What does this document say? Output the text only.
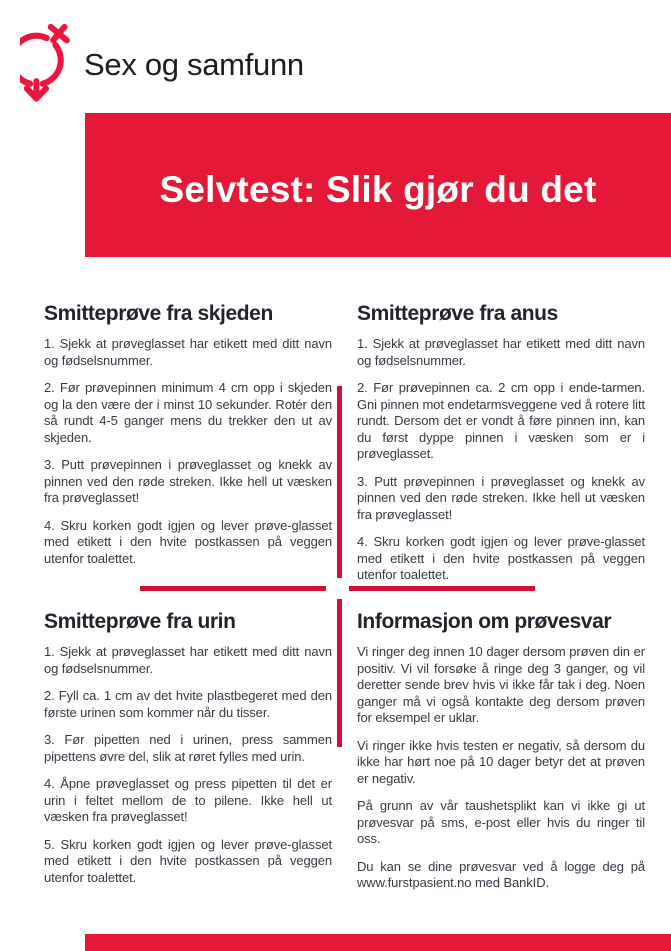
Sex og samfunn
Selvtest: Slik gjør du det
Smitteprøve fra skjeden

1. Sjekk at prøveglasset har etikett med ditt navn og fødselsnummer.

2. Før prøvepinnen minimum 4 cm opp i skjeden og la den være der i minst 10 sekunder. Rotér den så rundt 4-5 ganger mens du trekker den ut av skjeden.

3. Putt prøvepinnen i prøveglasset og knekk av pinnen ved den røde streken. Ikke hell ut væsken fra prøveglasset!

4. Skru korken godt igjen og lever prøve-glasset med etikett i den hvite postkassen på veggen utenfor toalettet.

Smitteprøve fra anus

1. Sjekk at prøveglasset har etikett med ditt navn og fødselsnummer.

2. Før prøvepinnen ca. 2 cm opp i ende-tarmen. Gni pinnen mot endetarmsveggene ved å rotere litt rundt. Dersom det er vondt å føre pinnen inn, kan du først dyppe pinnen i væsken som er i prøveglasset.

3. Putt prøvepinnen i prøveglasset og knekk av pinnen ved den røde streken. Ikke hell ut væsken fra prøveglasset!

4. Skru korken godt igjen og lever prøve-glasset med etikett i den hvite postkassen på veggen utenfor toalettet.

Smitteprøve fra urin

1. Sjekk at prøveglasset har etikett med ditt navn og fødselsnummer.

2. Fyll ca. 1 cm av det hvite plastbegeret med den første urinen som kommer når du tisser.

3. Før pipetten ned i urinen, press sammen pipettens øvre del, slik at røret fylles med urin.

4. Åpne prøveglasset og press pipetten til det er urin i feltet mellom de to pilene. Ikke hell ut væsken fra prøveglasset!

5. Skru korken godt igjen og lever prøve-glasset med etikett i den hvite postkassen på veggen utenfor toalettet.

Informasjon om prøvesvar

Vi ringer deg innen 10 dager dersom prøven din er positiv. Vi vil forsøke å ringe deg 3 ganger, og vil deretter sende brev hvis vi ikke får tak i deg. Noen ganger må vi også kontakte deg dersom prøven for eksempel er uklar.

Vi ringer ikke hvis testen er negativ, så dersom du ikke har hørt noe på 10 dager betyr det at prøven er negativ.

På grunn av vår taushetsplikt kan vi ikke gi ut prøvesvar på sms, e-post eller hvis du ringer til oss.

Du kan se dine prøvesvar ved å logge deg på www.furstpasient.no med BankID.
